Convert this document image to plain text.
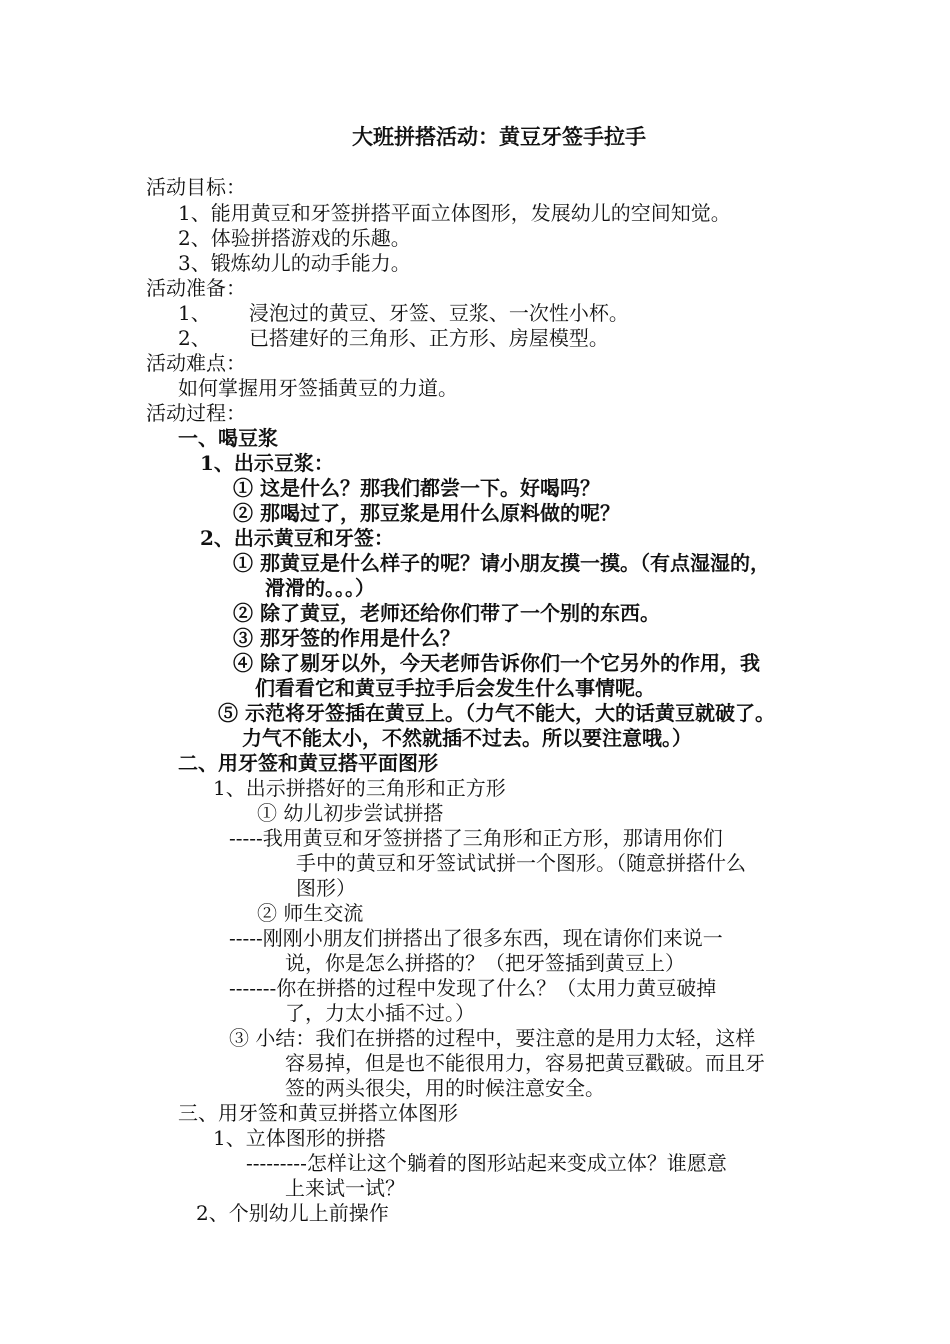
大班拼搭活动：黄豆牙签手拉手
活动目标：
1、能用黄豆和牙签拼搭平面立体图形，发展幼儿的空间知觉。
2、体验拼搭游戏的乐趣。
3、锻炼幼儿的动手能力。
活动准备：
1、      浸泡过的黄豆、牙签、豆浆、一次性小杯。
2、      已搭建好的三角形、正方形、房屋模型。
活动难点：
如何掌握用牙签插黄豆的力道。
活动过程：
一、喝豆浆
1、出示豆浆：
① 这是什么？那我们都尝一下。好喝吗？
② 那喝过了，那豆浆是用什么原料做的呢？
2、出示黄豆和牙签：
① 那黄豆是什么样子的呢？请小朋友摸一摸。（有点湿湿的，
滑滑的。。。）
② 除了黄豆，老师还给你们带了一个别的东西。
③ 那牙签的作用是什么？
④ 除了剔牙以外，今天老师告诉你们一个它另外的作用，我
们看看它和黄豆手拉手后会发生什么事情呢。
⑤ 示范将牙签插在黄豆上。（力气不能大，大的话黄豆就破了。
力气不能太小，不然就插不过去。所以要注意哦。）
二、用牙签和黄豆搭平面图形
1、出示拼搭好的三角形和正方形
① 幼儿初步尝试拼搭
-----我用黄豆和牙签拼搭了三角形和正方形，那请用你们
手中的黄豆和牙签试试拼一个图形。（随意拼搭什么
图形）
② 师生交流
-----刚刚小朋友们拼搭出了很多东西，现在请你们来说一
说，你是怎么拼搭的？（把牙签插到黄豆上）
-------你在拼搭的过程中发现了什么？（太用力黄豆破掉
了，力太小插不过。）
③ 小结：我们在拼搭的过程中，要注意的是用力太轻，这样
容易掉，但是也不能很用力，容易把黄豆戳破。而且牙
签的两头很尖，用的时候注意安全。
三、用牙签和黄豆拼搭立体图形
1、立体图形的拼搭
---------怎样让这个躺着的图形站起来变成立体？谁愿意
上来试一试？
2、个别幼儿上前操作
